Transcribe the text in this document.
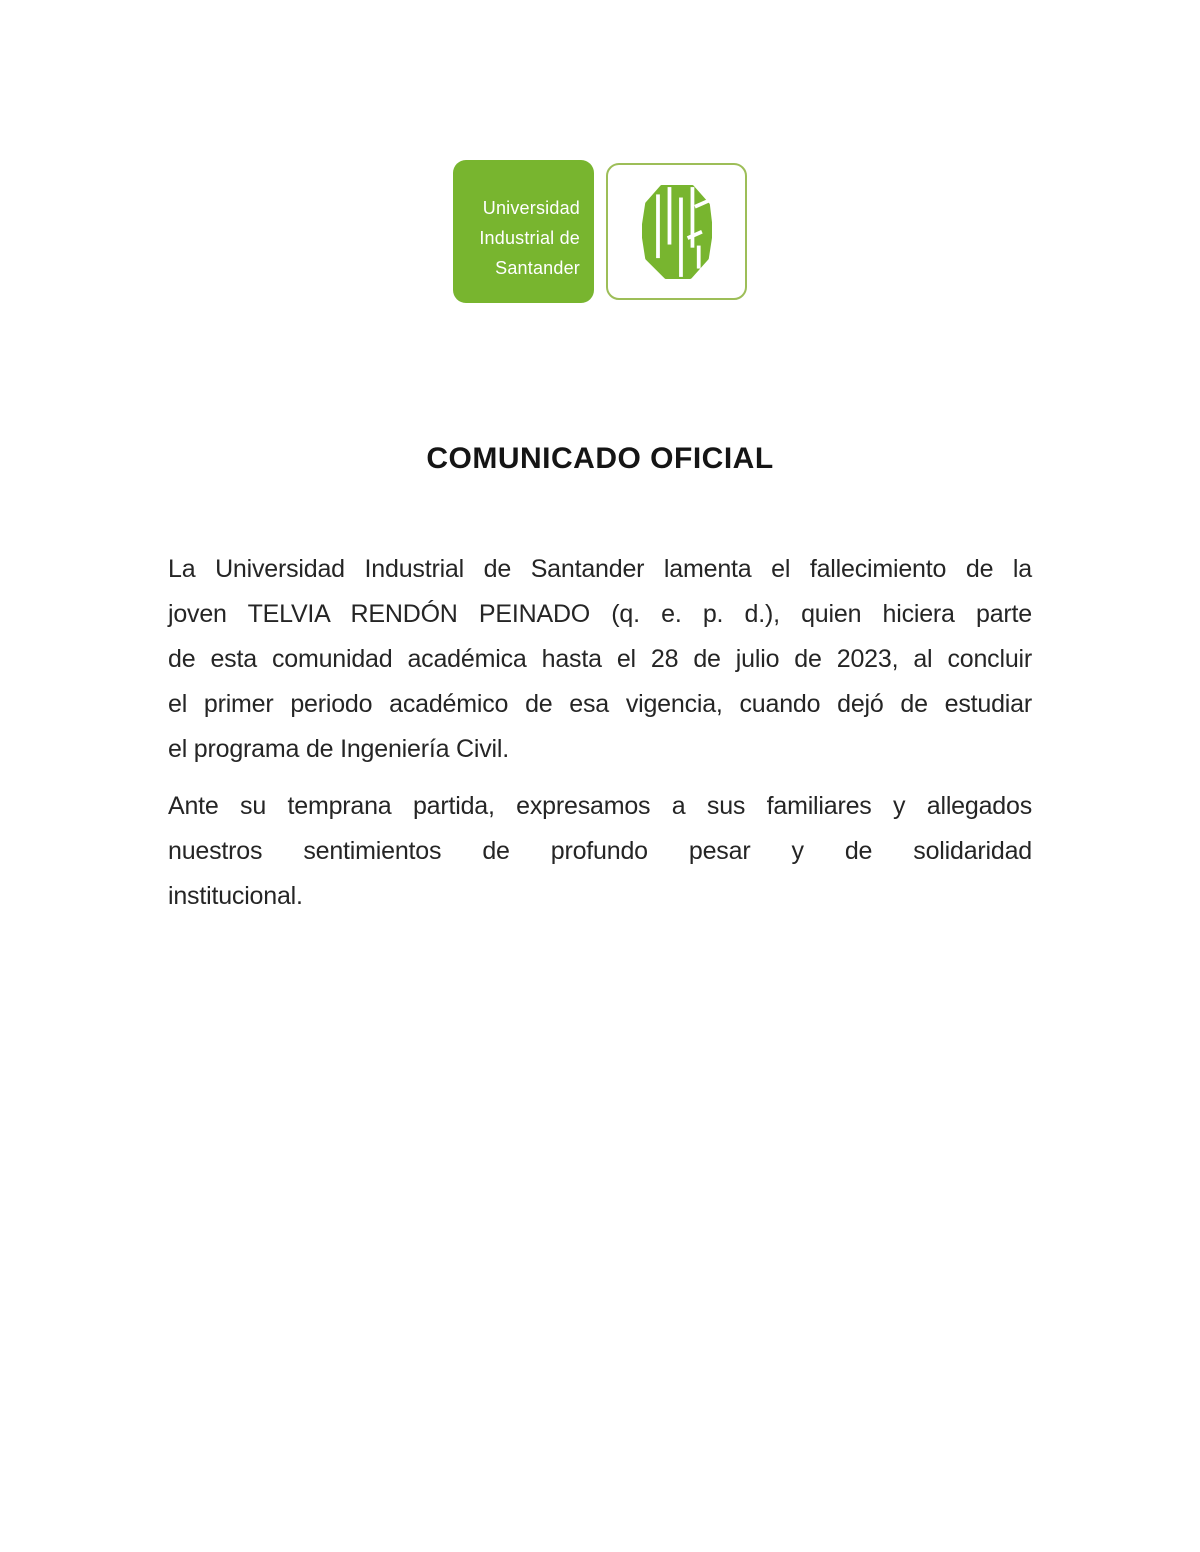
Universidad
Industrial de
Santander
COMUNICADO OFICIAL
La Universidad Industrial de Santander lamenta el fallecimiento de la
joven TELVIA RENDÓN PEINADO (q. e. p. d.), quien hiciera parte
de esta comunidad académica hasta el 28 de julio de 2023, al concluir
el primer periodo académico de esa vigencia, cuando dejó de estudiar
el programa de Ingeniería Civil.
Ante su temprana partida, expresamos a sus familiares y allegados
nuestros sentimientos de profundo pesar y de solidaridad
institucional.
